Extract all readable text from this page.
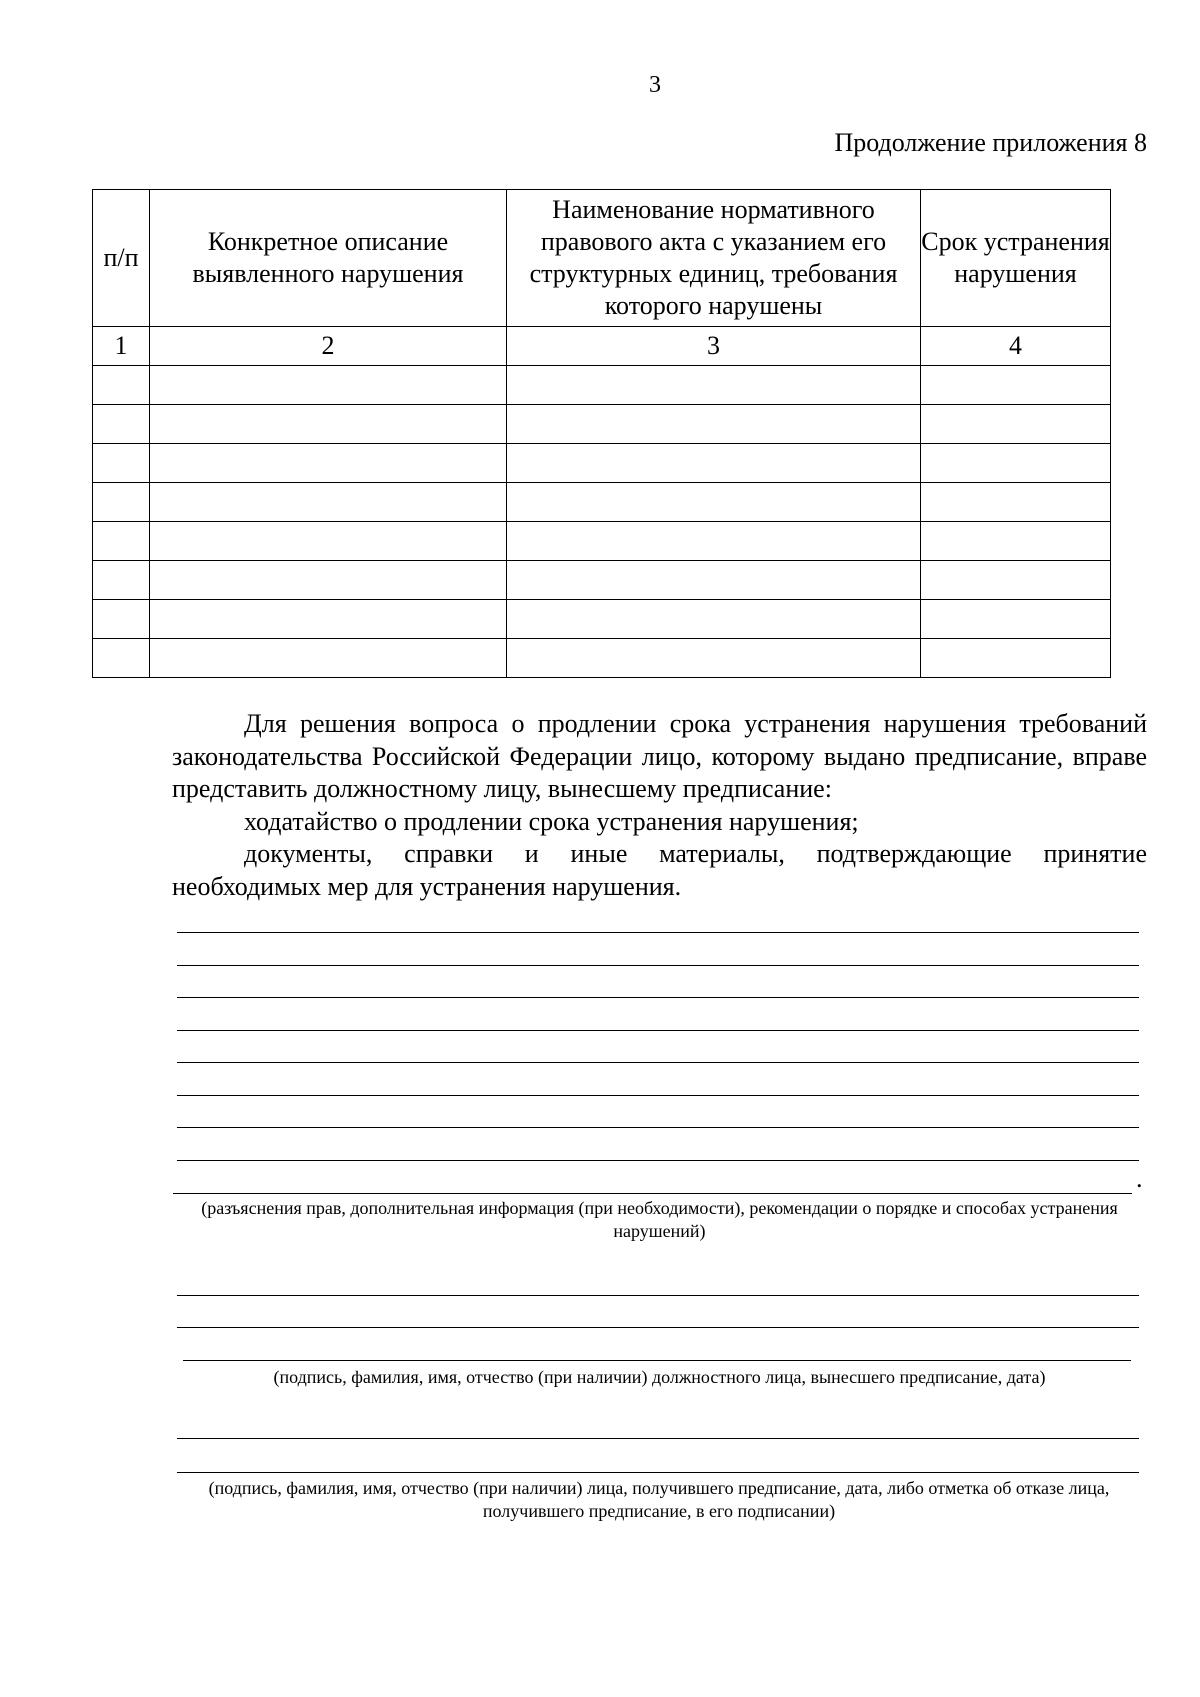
3
Продолжение приложения 8
п/п	Конкретное описание выявленного нарушения	Наименование нормативного правового акта с указанием его структурных единиц, требования которого нарушены	Срок устранения нарушения
1	2	3	4

Для решения вопроса о продлении срока устранения нарушения требований законодательства Российской Федерации лицо, которому выдано предписание, вправе представить должностному лицу, вынесшему предписание:

ходатайство о продлении срока устранения нарушения;

документы, справки и иные материалы, подтверждающие принятие необходимых мер для устранения нарушения.

.
(разъяснения прав, дополнительная информация (при необходимости), рекомендации о порядке и способах устранения нарушений)
(подпись, фамилия, имя, отчество (при наличии) должностного лица, вынесшего предписание, дата)
(подпись, фамилия, имя, отчество (при наличии) лица, получившего предписание, дата, либо отметка об отказе лица, получившего предписание, в его подписании)
